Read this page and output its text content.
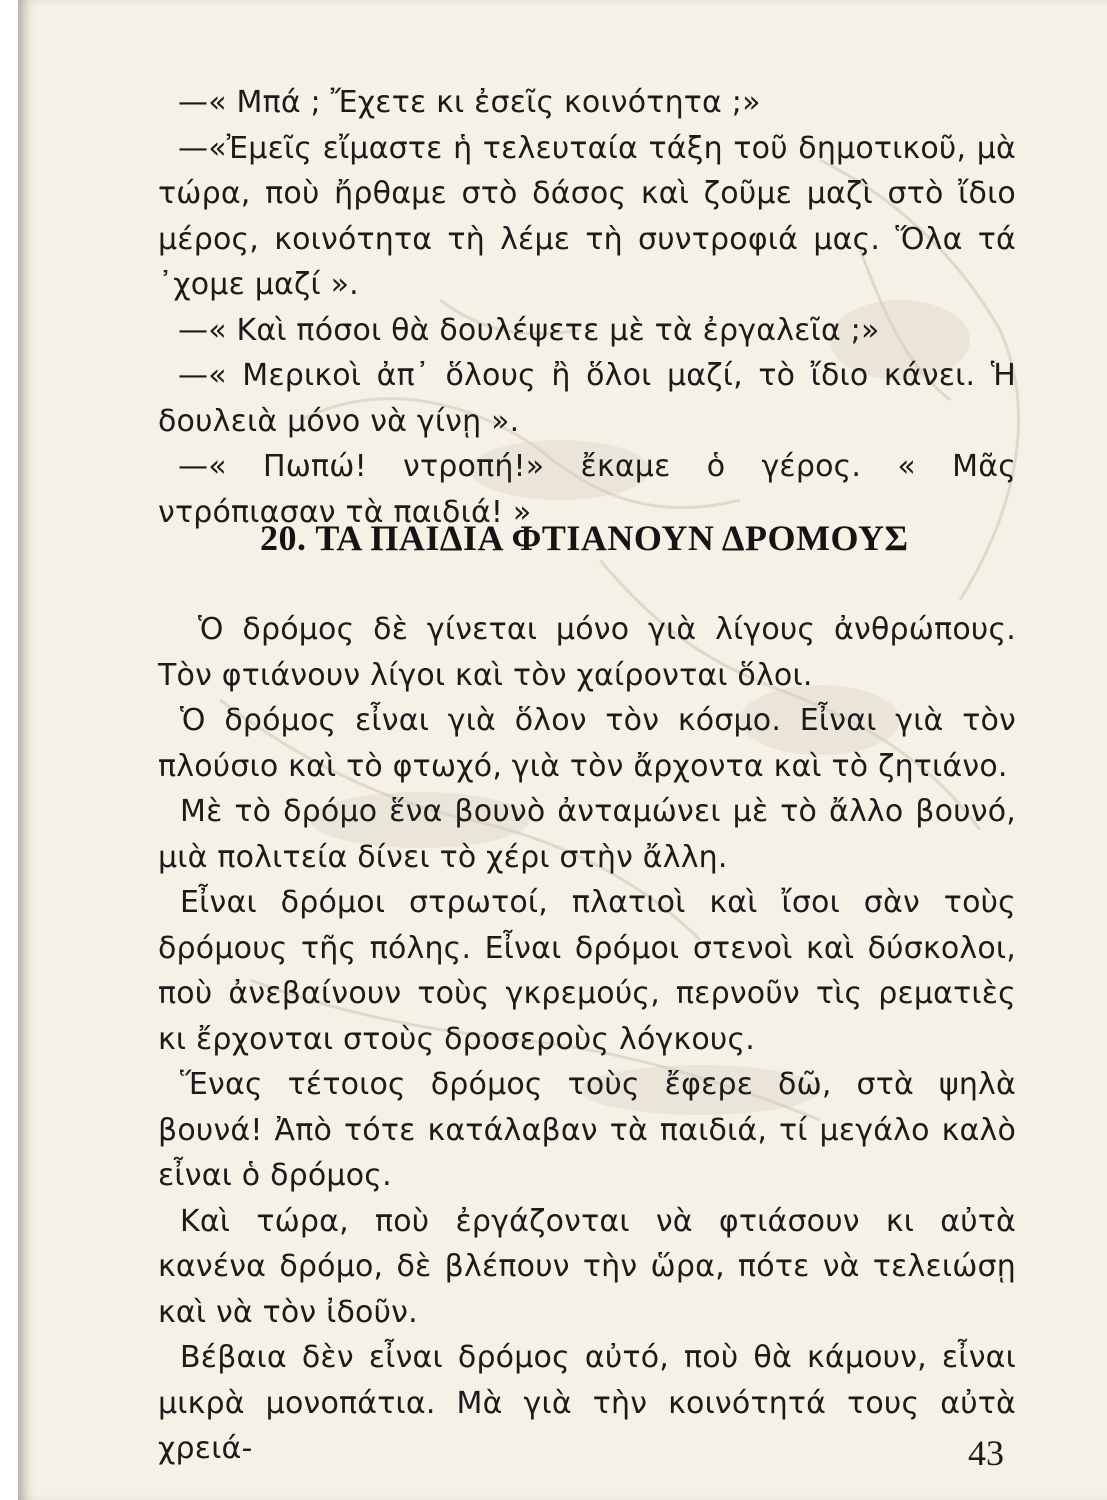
—« Μπά ; Ἔχετε κι ἐσεῖς κοινότητα ;»

—«Ἐμεῖς εἴμαστε ἡ τελευταία τάξη τοῦ δημοτικοῦ, μὰ τώρα, ποὺ ἤρθαμε στὸ δάσος καὶ ζοῦμε μαζὶ στὸ ἴδιο μέρος, κοινότητα τὴ λέμε τὴ συντροφιά μας. Ὅλα τά ᾽χομε μαζί ».

—« Καὶ πόσοι θὰ δουλέψετε μὲ τὰ ἐργαλεῖα ;»

—« Μερικοὶ ἀπ᾽ ὅλους ἢ ὅλοι μαζί, τὸ ἴδιο κάνει. Ἡ δουλειὰ μόνο νὰ γίνῃ ».

—« Πωπώ! ντροπή!» ἔκαμε ὁ γέρος. « Μᾶς ντρόπιασαν τὰ παιδιά! »

20. ΤΑ ΠΑΙΔΙΑ ΦΤΙΑΝΟΥΝ ΔΡΟΜΟΥΣ

Ὁ δρόμος δὲ γίνεται μόνο γιὰ λίγους ἀνθρώπους. Τὸν φτιάνουν λίγοι καὶ τὸν χαίρονται ὅλοι.

Ὁ δρόμος εἶναι γιὰ ὅλον τὸν κόσμο. Εἶναι γιὰ τὸν πλούσιο καὶ τὸ φτωχό, γιὰ τὸν ἄρχοντα καὶ τὸ ζητιάνο.

Μὲ τὸ δρόμο ἕνα βουνὸ ἀνταμώνει μὲ τὸ ἄλλο βουνό, μιὰ πολιτεία δίνει τὸ χέρι στὴν ἄλλη.

Εἶναι δρόμοι στρωτοί, πλατιοὶ καὶ ἴσοι σὰν τοὺς δρόμους τῆς πόλης. Εἶναι δρόμοι στενοὶ καὶ δύσκολοι, ποὺ ἀνεβαίνουν τοὺς γκρεμούς, περνοῦν τὶς ρεματιὲς κι ἔρχονται στοὺς δροσεροὺς λόγκους.

Ἕνας τέτοιος δρόμος τοὺς ἔφερε δῶ, στὰ ψηλὰ βουνά! Ἀπὸ τότε κατάλαβαν τὰ παιδιά, τί μεγάλο καλὸ εἶναι ὁ δρόμος.

Καὶ τώρα, ποὺ ἐργάζονται νὰ φτιάσουν κι αὐτὰ κανένα δρόμο, δὲ βλέπουν τὴν ὥρα, πότε νὰ τελειώσῃ καὶ νὰ τὸν ἰδοῦν.

Βέβαια δὲν εἶναι δρόμος αὐτό, ποὺ θὰ κάμουν, εἶναι μικρὰ μονοπάτια. Μὰ γιὰ τὴν κοινότητά τους αὐτὰ χρειά-	43
